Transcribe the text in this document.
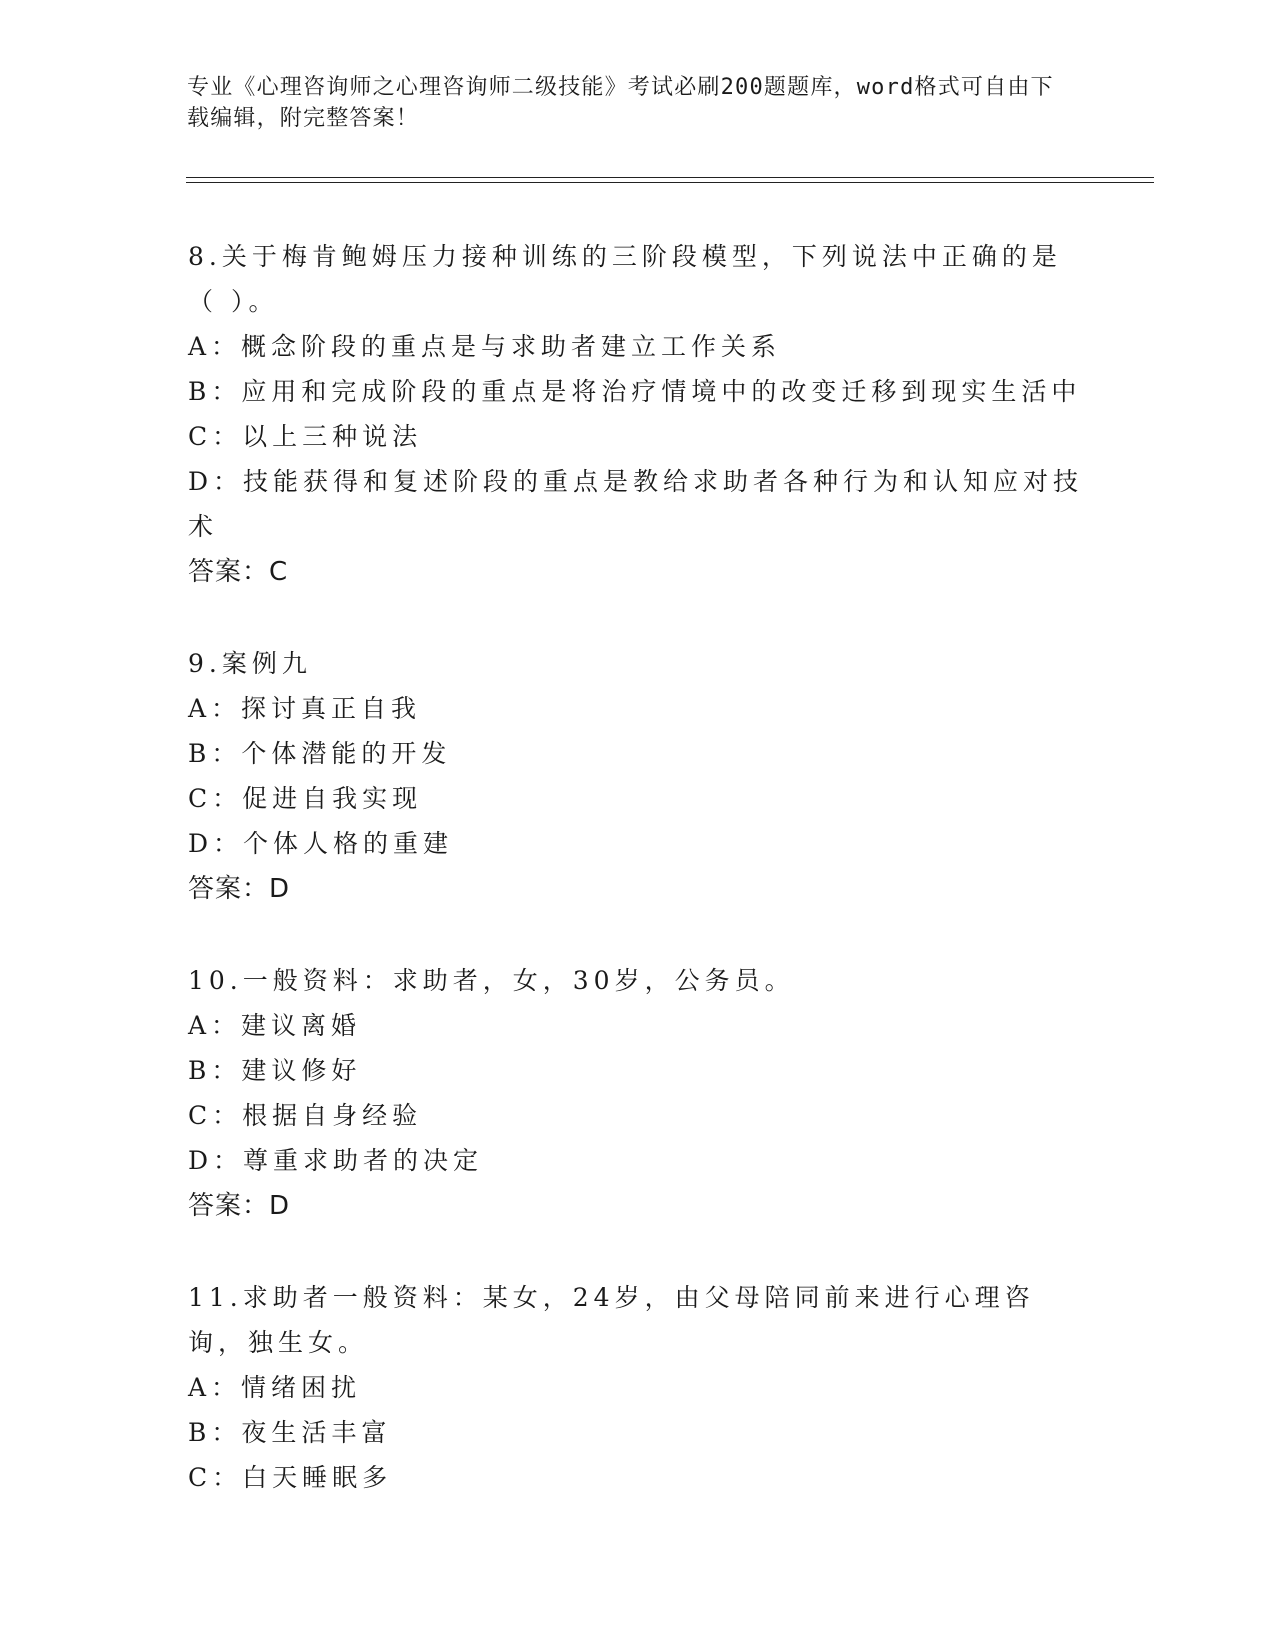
专业《心理咨询师之心理咨询师二级技能》考试必刷200题题库，word格式可自由下载编辑，附完整答案！

8.关于梅肯鲍姆压力接种训练的三阶段模型，下列说法中正确的是（ ）。

A：概念阶段的重点是与求助者建立工作关系

B：应用和完成阶段的重点是将治疗情境中的改变迁移到现实生活中

C：以上三种说法

D：技能获得和复述阶段的重点是教给求助者各种行为和认知应对技术

答案：C

9.案例九

A：探讨真正自我

B：个体潜能的开发

C：促进自我实现

D：个体人格的重建

答案：D

10.一般资料：求助者，女，30岁，公务员。

A：建议离婚

B：建议修好

C：根据自身经验

D：尊重求助者的决定

答案：D

11.求助者一般资料：某女，24岁，由父母陪同前来进行心理咨询，独生女。

A：情绪困扰

B：夜生活丰富

C：白天睡眠多
